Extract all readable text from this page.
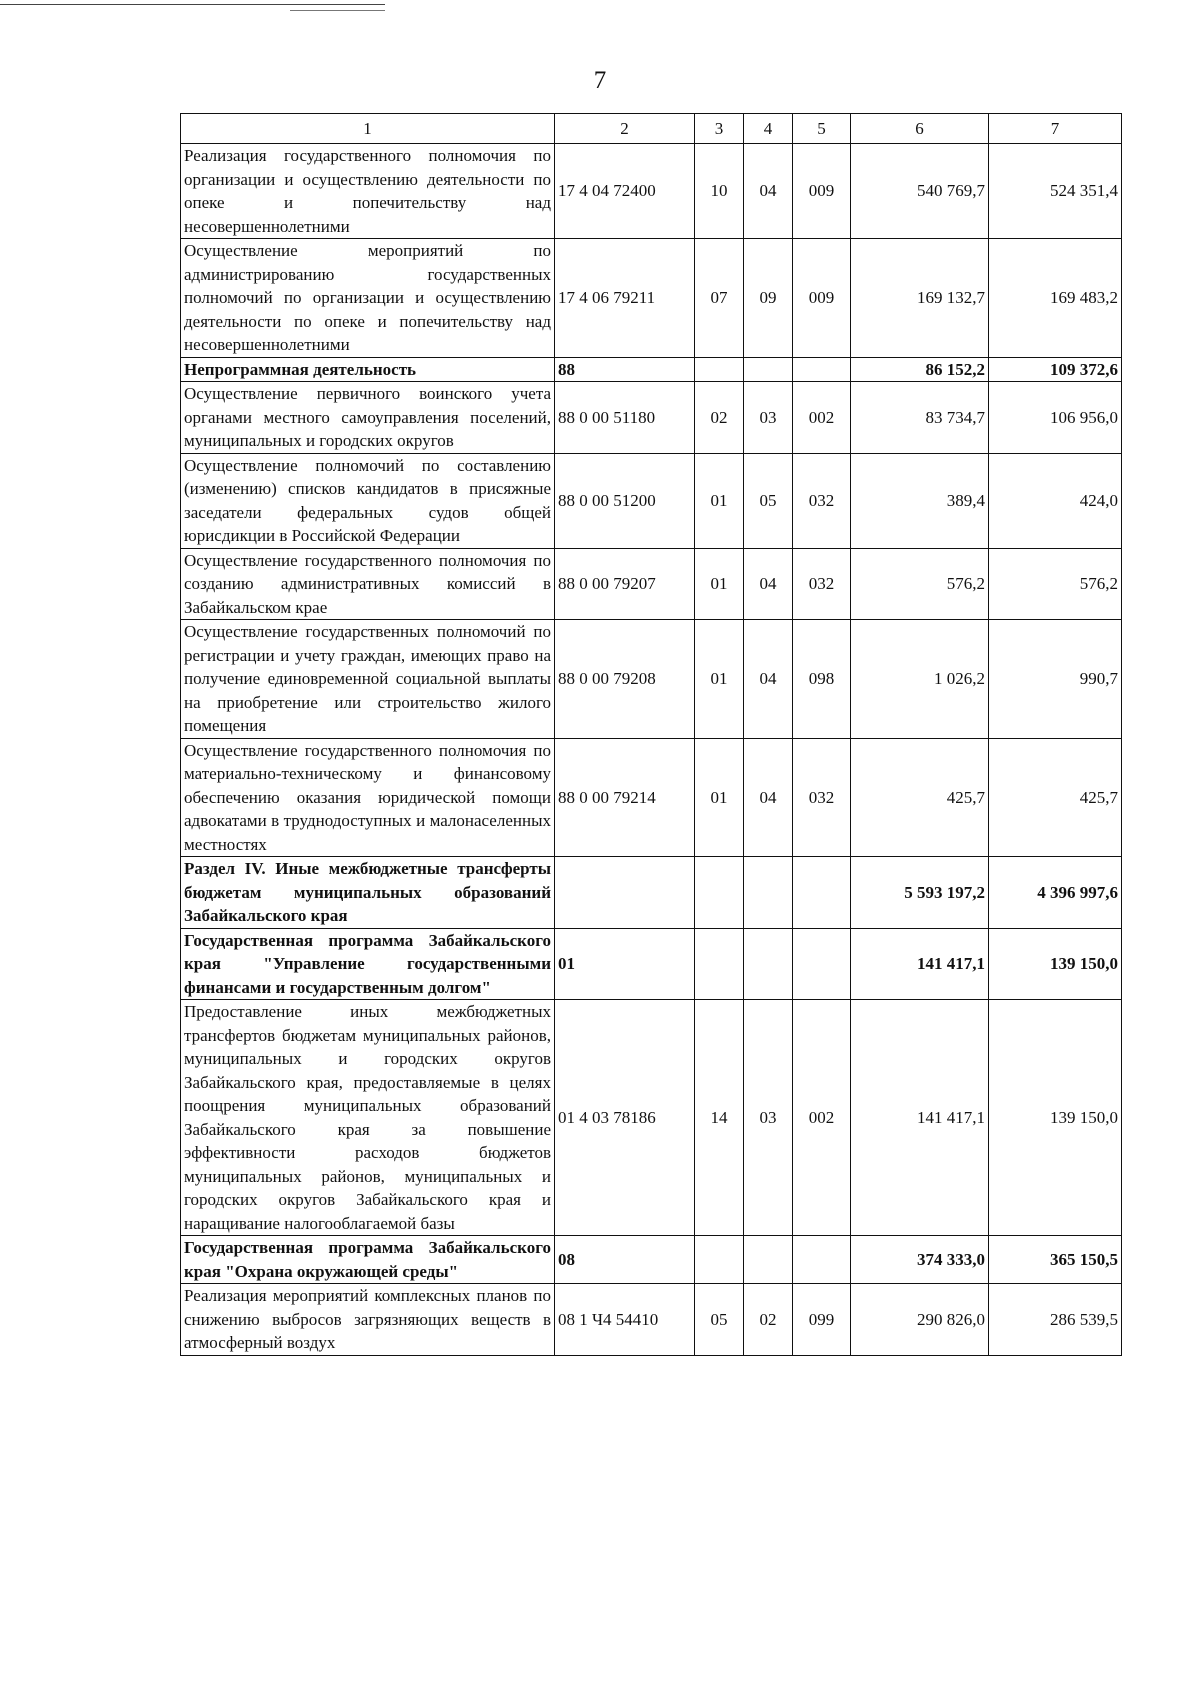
7
1	2	3	4	5	6	7
Реализация государственного полномочия по организации и осуществлению деятельности по опеке и попечительству над несовершеннолетними	17 4 04 72400	10	04	009	540 769,7	524 351,4
Осуществление мероприятий по администрированию государственных полномочий по организации и осуществлению деятельности по опеке и попечительству над несовершеннолетними	17 4 06 79211	07	09	009	169 132,7	169 483,2
Непрограммная деятельность	88				86 152,2	109 372,6
Осуществление первичного воинского учета органами местного самоуправления поселений, муниципальных и городских округов	88 0 00 51180	02	03	002	83 734,7	106 956,0
Осуществление полномочий по составлению (изменению) списков кандидатов в присяжные заседатели федеральных судов общей юрисдикции в Российской Федерации	88 0 00 51200	01	05	032	389,4	424,0
Осуществление государственного полномочия по созданию административных комиссий в Забайкальском крае	88 0 00 79207	01	04	032	576,2	576,2
Осуществление государственных полномочий по регистрации и учету граждан, имеющих право на получение единовременной социальной выплаты на приобретение или строительство жилого помещения	88 0 00 79208	01	04	098	1 026,2	990,7
Осуществление государственного полномочия по материально-техническому и финансовому обеспечению оказания юридической помощи адвокатами в труднодоступных и малонаселенных местностях	88 0 00 79214	01	04	032	425,7	425,7
Раздел IV. Иные межбюджетные трансферты бюджетам муниципальных образований Забайкальского края					5 593 197,2	4 396 997,6
Государственная программа Забайкальского края "Управление государственными финансами и государственным долгом"	01				141 417,1	139 150,0
Предоставление иных межбюджетных трансфертов бюджетам муниципальных районов, муниципальных и городских округов Забайкальского края, предоставляемые в целях поощрения муниципальных образований Забайкальского края за повышение эффективности расходов бюджетов муниципальных районов, муниципальных и городских округов Забайкальского края и наращивание налогооблагаемой базы	01 4 03 78186	14	03	002	141 417,1	139 150,0
Государственная программа Забайкальского края "Охрана окружающей среды"	08				374 333,0	365 150,5
Реализация мероприятий комплексных планов по снижению выбросов загрязняющих веществ в атмосферный воздух	08 1 Ч4 54410	05	02	099	290 826,0	286 539,5
